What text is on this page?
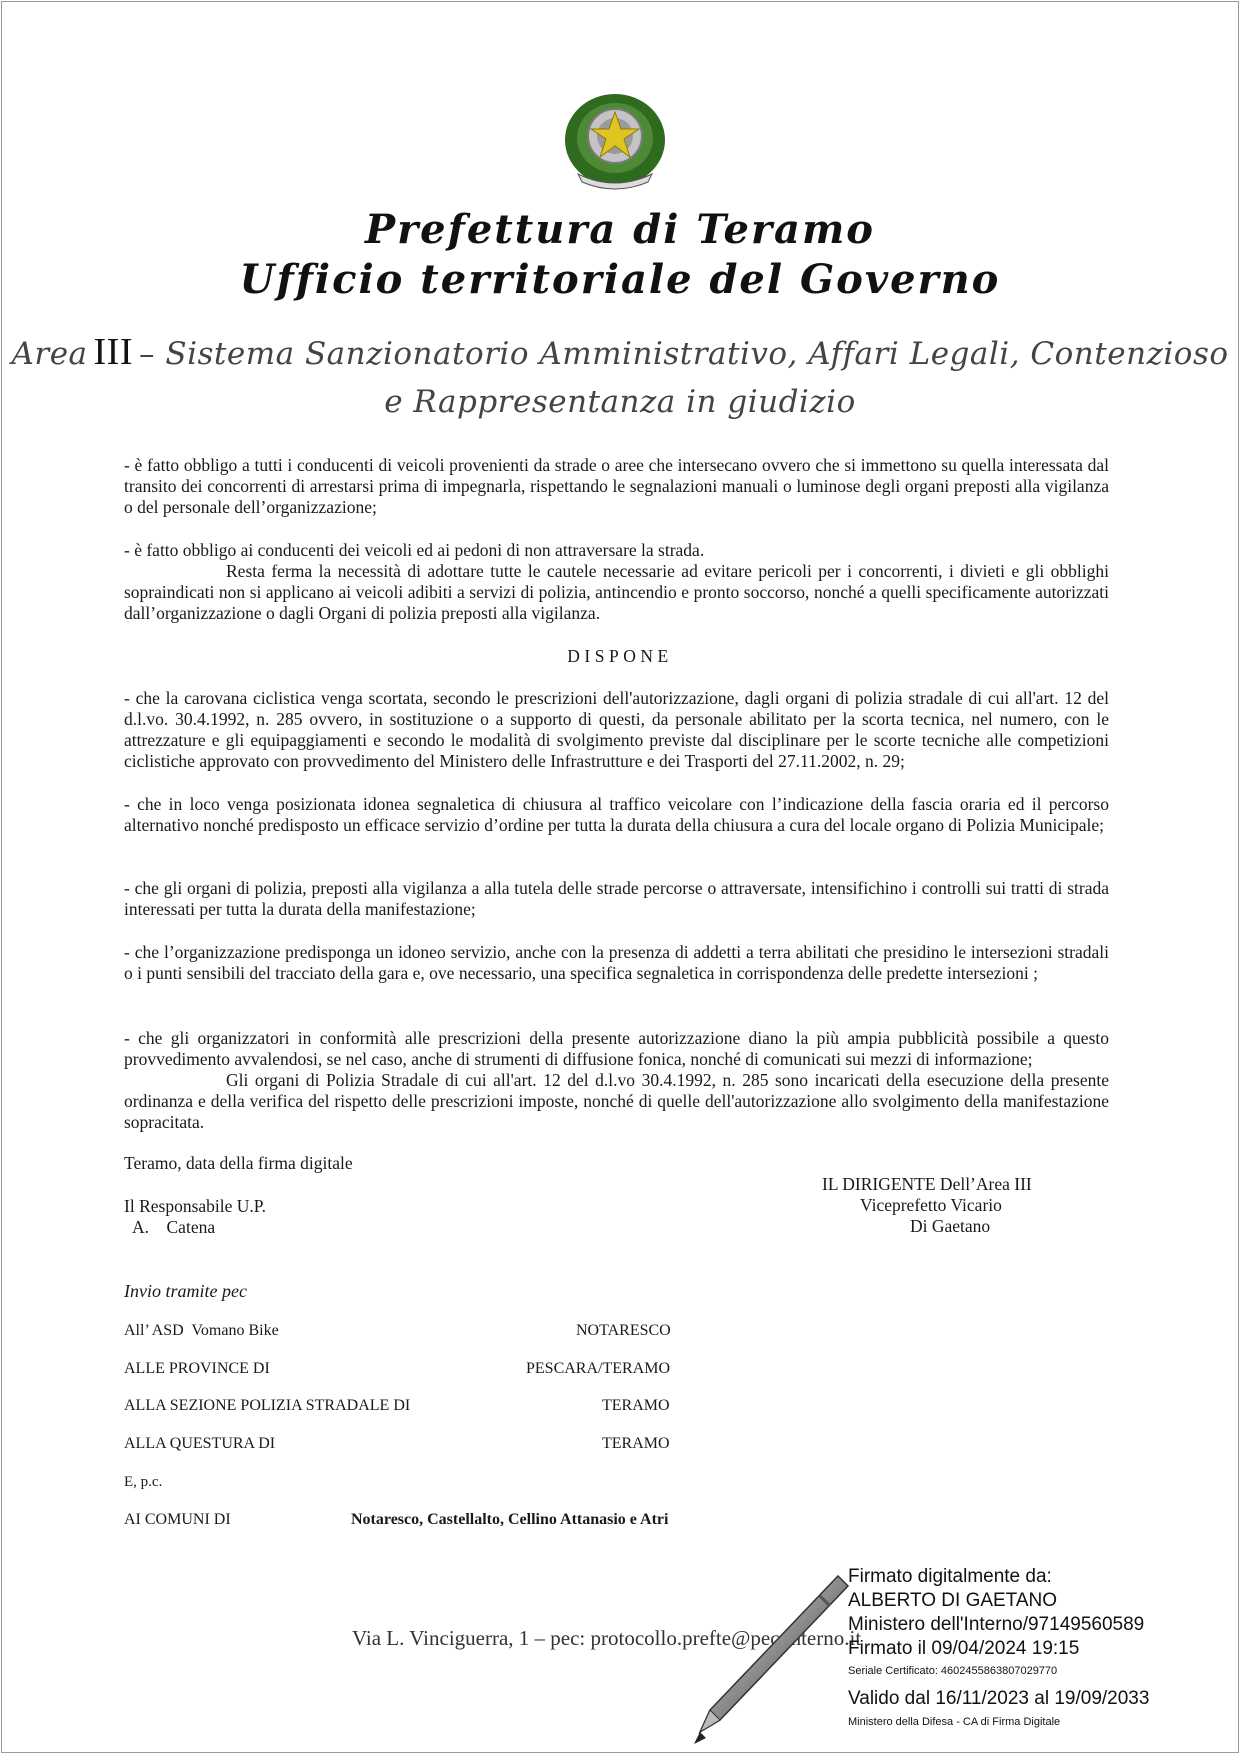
Prefettura di Teramo
Ufficio territoriale del Governo
Area III – Sistema Sanzionatorio Amministrativo, Affari Legali, Contenzioso
e Rappresentanza in giudizio

- è fatto obbligo a tutti i conducenti di veicoli provenienti da strade o aree che intersecano ovvero che si immettono su quella interessata dal transito dei concorrenti di arrestarsi prima di impegnarla, rispettando le segnalazioni manuali o luminose degli organi preposti alla vigilanza o del personale dell’organizzazione;

- è fatto obbligo ai conducenti dei veicoli ed ai pedoni di non attraversare la strada.

Resta ferma la necessità di adottare tutte le cautele necessarie ad evitare pericoli per i concorrenti, i divieti e gli obblighi sopraindicati non si applicano ai veicoli adibiti a servizi di polizia, antincendio e pronto soccorso, nonché a quelli specificamente autorizzati dall’organizzazione o dagli Organi di polizia preposti alla vigilanza.

DISPONE

- che la carovana ciclistica venga scortata, secondo le prescrizioni dell'autorizzazione, dagli organi di polizia stradale di cui all'art. 12 del d.l.vo. 30.4.1992, n. 285 ovvero, in sostituzione o a supporto di questi, da personale abilitato per la scorta tecnica, nel numero, con le attrezzature e gli equipaggiamenti e secondo le modalità di svolgimento previste dal disciplinare per le scorte tecniche alle competizioni ciclistiche approvato con provvedimento del Ministero delle Infrastrutture e dei Trasporti del 27.11.2002, n. 29;

- che in loco venga posizionata idonea segnaletica di chiusura al traffico veicolare con l’indicazione della fascia oraria ed il percorso alternativo nonché predisposto un efficace servizio d’ordine per tutta la durata della chiusura a cura del locale organo di Polizia Municipale;

- che gli organi di polizia, preposti alla vigilanza a alla tutela delle strade percorse o attraversate, intensifichino i controlli sui tratti di strada interessati per tutta la durata della manifestazione;

- che l’organizzazione predisponga un idoneo servizio, anche con la presenza di addetti a terra abilitati che presidino le intersezioni stradali o i punti sensibili del tracciato della gara e, ove necessario, una specifica segnaletica in corrispondenza delle predette intersezioni ;

- che gli organizzatori in conformità alle prescrizioni della presente autorizzazione diano la più ampia pubblicità possibile a questo provvedimento avvalendosi, se nel caso, anche di strumenti di diffusione fonica, nonché di comunicati sui mezzi di informazione;

Gli organi di Polizia Stradale di cui all'art. 12 del d.l.vo 30.4.1992, n. 285 sono incaricati della esecuzione della presente ordinanza e della verifica del rispetto delle prescrizioni imposte, nonché di quelle dell'autorizzazione allo svolgimento della manifestazione sopracitata.

Teramo, data della firma digitale
IL DIRIGENTE Dell’Area III
Viceprefetto Vicario
Di Gaetano
Il Responsabile U.P.
A.    Catena
Invio tramite pec
All’ ASD  Vomano Bike	NOTARESCO
ALLE PROVINCE DI	PESCARA/TERAMO
ALLA SEZIONE POLIZIA STRADALE DI	TERAMO
ALLA QUESTURA DI	TERAMO
E, p.c.
AI COMUNI DI	Notaresco, Castellalto, Cellino Attanasio e Atri
Via L. Vinciguerra, 1 – pec: protocollo.prefte@pec.interno.it
Firmato digitalmente da:
ALBERTO DI GAETANO
Ministero dell'Interno/97149560589
Firmato il 09/04/2024 19:15
Seriale Certificato: 4602455863807029770
Valido dal 16/11/2023 al 19/09/2033
Ministero della Difesa - CA di Firma Digitale
